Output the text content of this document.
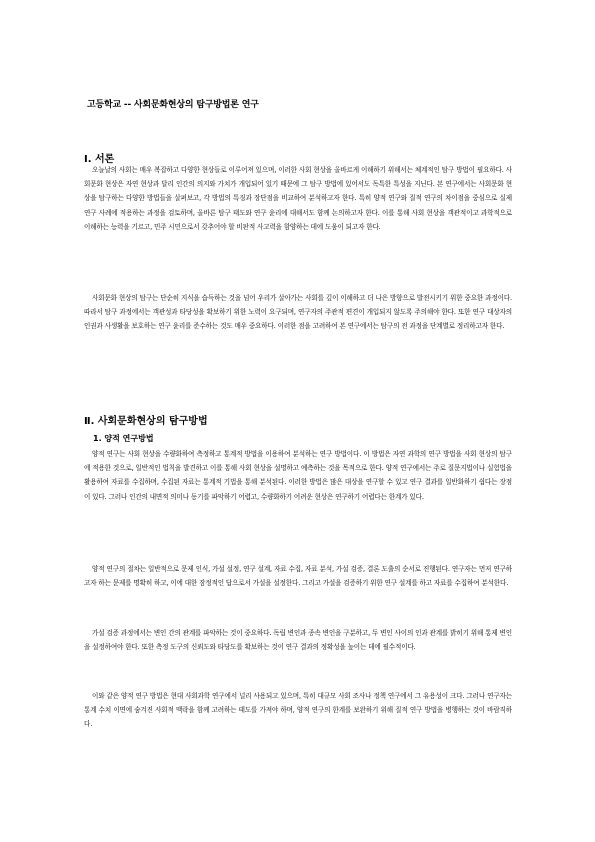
고등학교 -- 사회문화현상의 탐구방법론 연구
Ⅰ. 서론

오늘날의 사회는 매우 복잡하고 다양한 현상들로 이루어져 있으며, 이러한 사회 현상을 올바르게 이해하기 위해서는 체계적인 탐구 방법이 필요하다. 사회문화 현상은 자연 현상과 달리 인간의 의지와 가치가 개입되어 있기 때문에 그 탐구 방법에 있어서도 독특한 특성을 지닌다. 본 연구에서는 사회문화 현상을 탐구하는 다양한 방법들을 살펴보고, 각 방법의 특징과 장단점을 비교하여 분석하고자 한다. 특히 양적 연구와 질적 연구의 차이점을 중심으로 실제 연구 사례에 적용하는 과정을 검토하며, 올바른 탐구 태도와 연구 윤리에 대해서도 함께 논의하고자 한다. 이를 통해 사회 현상을 객관적이고 과학적으로 이해하는 능력을 기르고, 민주 시민으로서 갖추어야 할 비판적 사고력을 함양하는 데에 도움이 되고자 한다.

사회문화 현상의 탐구는 단순히 지식을 습득하는 것을 넘어 우리가 살아가는 사회를 깊이 이해하고 더 나은 방향으로 발전시키기 위한 중요한 과정이다. 따라서 탐구 과정에서는 객관성과 타당성을 확보하기 위한 노력이 요구되며, 연구자의 주관적 편견이 개입되지 않도록 주의해야 한다. 또한 연구 대상자의 인권과 사생활을 보호하는 연구 윤리를 준수하는 것도 매우 중요하다. 이러한 점을 고려하여 본 연구에서는 탐구의 전 과정을 단계별로 정리하고자 한다.

Ⅱ. 사회문화현상의 탐구방법
1. 양적 연구방법

양적 연구는 사회 현상을 수량화하여 측정하고 통계적 방법을 이용하여 분석하는 연구 방법이다. 이 방법은 자연 과학의 연구 방법을 사회 현상의 탐구에 적용한 것으로, 일반적인 법칙을 발견하고 이를 통해 사회 현상을 설명하고 예측하는 것을 목적으로 한다. 양적 연구에서는 주로 질문지법이나 실험법을 활용하여 자료를 수집하며, 수집된 자료는 통계적 기법을 통해 분석된다. 이러한 방법은 많은 대상을 연구할 수 있고 연구 결과를 일반화하기 쉽다는 장점이 있다. 그러나 인간의 내면적 의미나 동기를 파악하기 어렵고, 수량화하기 어려운 현상은 연구하기 어렵다는 한계가 있다.

양적 연구의 절차는 일반적으로 문제 인식, 가설 설정, 연구 설계, 자료 수집, 자료 분석, 가설 검증, 결론 도출의 순서로 진행된다. 연구자는 먼저 연구하고자 하는 문제를 명확히 하고, 이에 대한 잠정적인 답으로서 가설을 설정한다. 그리고 가설을 검증하기 위한 연구 설계를 하고 자료를 수집하여 분석한다.

가설 검증 과정에서는 변인 간의 관계를 파악하는 것이 중요하다. 독립 변인과 종속 변인을 구분하고, 두 변인 사이의 인과 관계를 밝히기 위해 통제 변인을 설정하여야 한다. 또한 측정 도구의 신뢰도와 타당도를 확보하는 것이 연구 결과의 정확성을 높이는 데에 필수적이다.

이와 같은 양적 연구 방법은 현대 사회과학 연구에서 널리 사용되고 있으며, 특히 대규모 사회 조사나 정책 연구에서 그 유용성이 크다. 그러나 연구자는 통계 수치 이면에 숨겨진 사회적 맥락을 함께 고려하는 태도를 가져야 하며, 양적 연구의 한계를 보완하기 위해 질적 연구 방법을 병행하는 것이 바람직하다.
